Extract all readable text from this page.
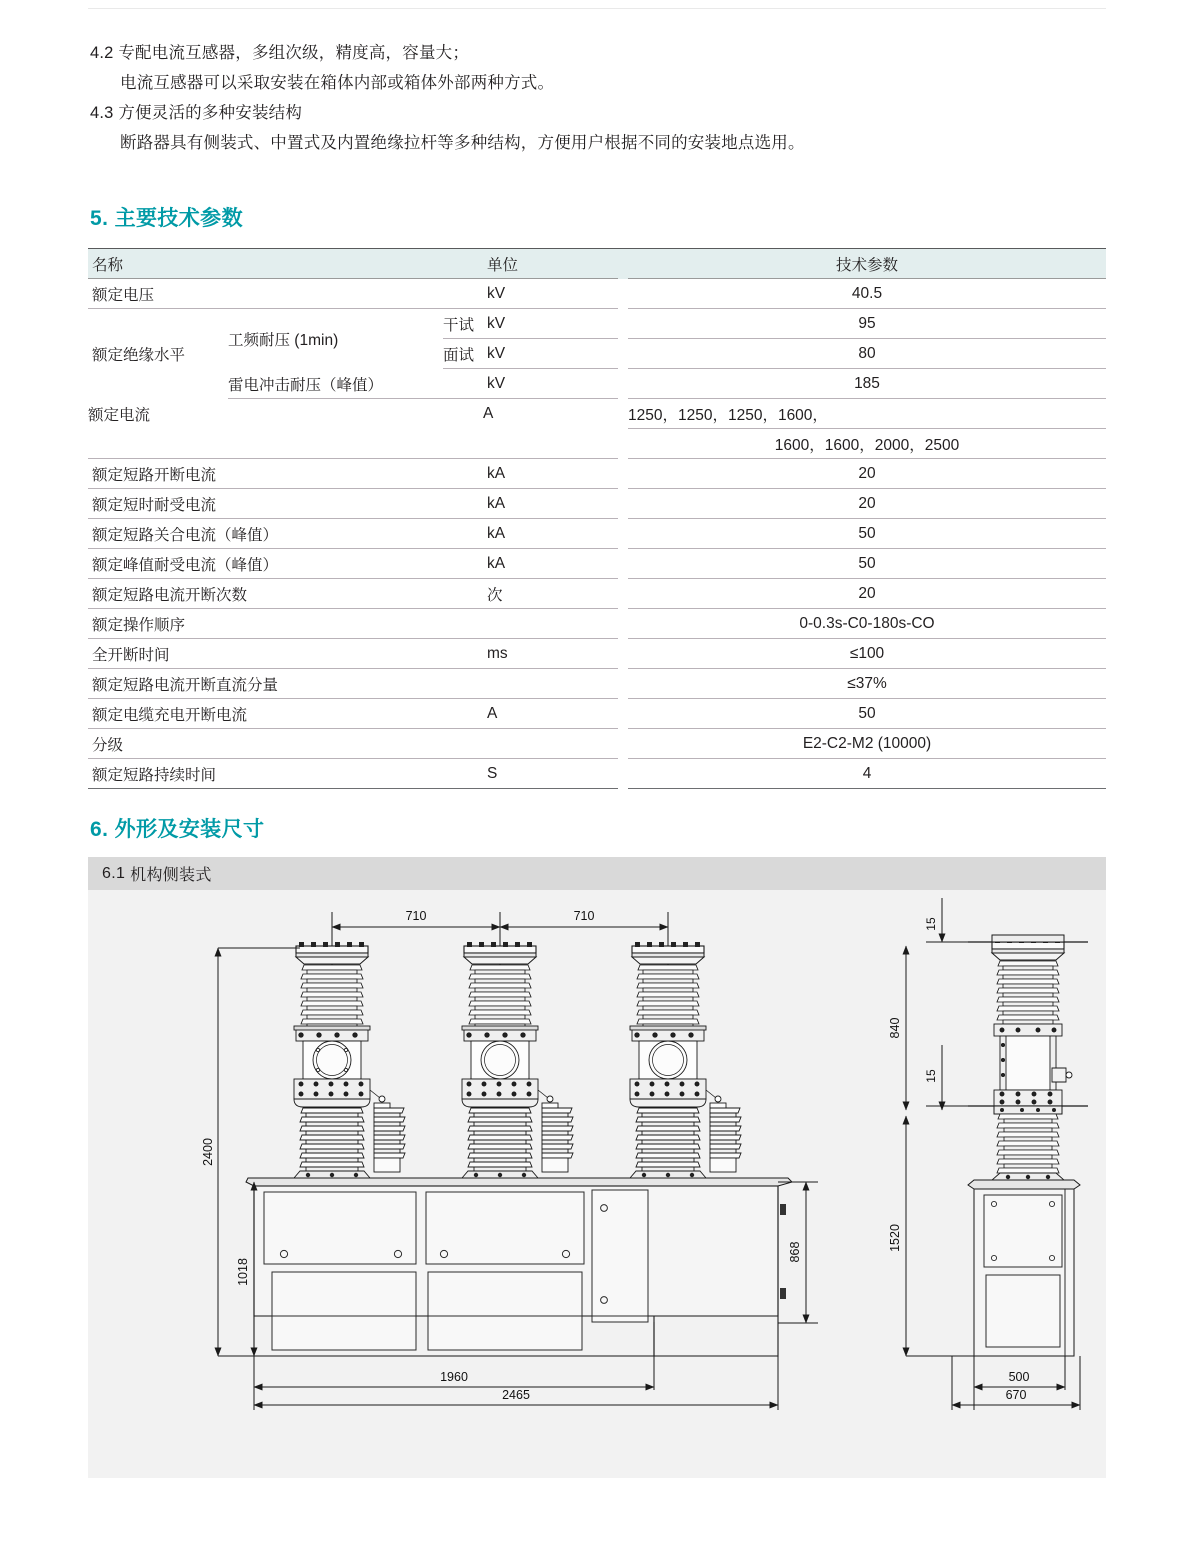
4.2 专配电流互感器，多组次级，精度高，容量大；
电流互感器可以采取安装在箱体内部或箱体外部两种方式。
4.3 方便灵活的多种安装结构
断路器具有侧装式、中置式及内置绝缘拉杆等多种结构，方便用户根据不同的安装地点选用。
5. 主要技术参数
名称			单位		技术参数
额定电压			kV		40.5
额定绝缘水平	工频耐压 (1min)	干试	kV		95
		面试	kV		80
	雷电冲击耐压（峰值）		kV		185
额定电流			A		1250，1250，1250，1600，
					1600，1600，2000，2500
额定短路开断电流			kA		20
额定短时耐受电流			kA		20
额定短路关合电流（峰值）			kA		50
额定峰值耐受电流（峰值）			kA		50
额定短路电流开断次数			次		20
额定操作顺序					0-0.3s-C0-180s-CO
全开断时间			ms		≤100
额定短路电流开断直流分量					≤37%
额定电缆充电开断电流			A		50
分级					E2-C2-M2 (10000)
额定短路持续时间			S		4
6. 外形及安装尺寸
6.1 机构侧装式
710	710
2400
1018
868
1960
2465
15
840
15
1520
500
670
